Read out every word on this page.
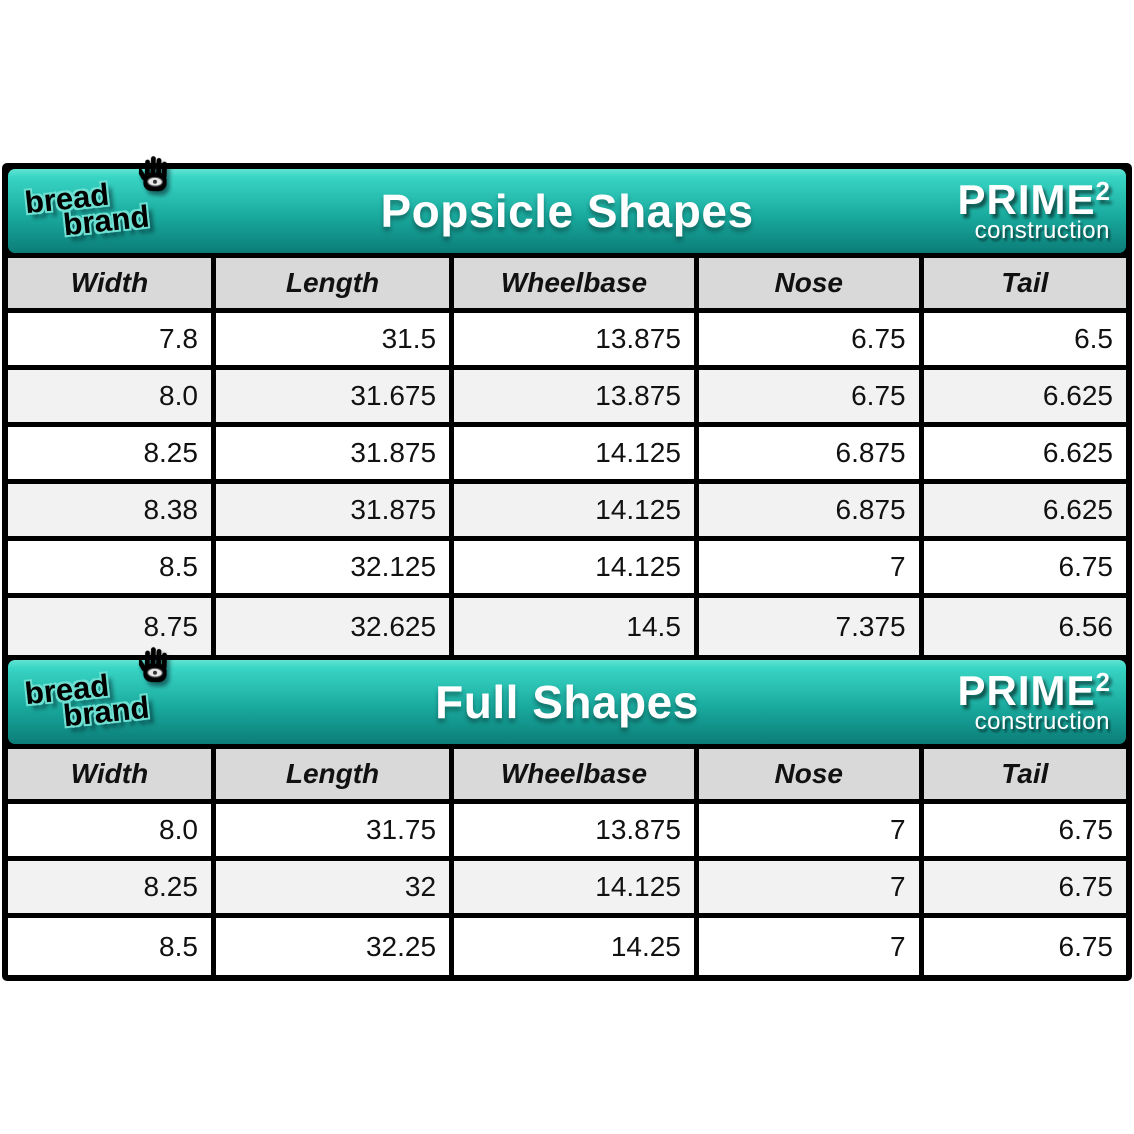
bread
brand	Popsicle Shapes	PRIME$^2$
construction
Width	Length	Wheelbase	Nose	Tail
7.8	31.5	13.875	6.75	6.5
8.0	31.675	13.875	6.75	6.625
8.25	31.875	14.125	6.875	6.625
8.38	31.875	14.125	6.875	6.625
8.5	32.125	14.125	7	6.75
8.75	32.625	14.5	7.375	6.56
bread
brand	Full Shapes	PRIME$^2$
construction
Width	Length	Wheelbase	Nose	Tail
8.0	31.75	13.875	7	6.75
8.25	32	14.125	7	6.75
8.5	32.25	14.25	7	6.75
